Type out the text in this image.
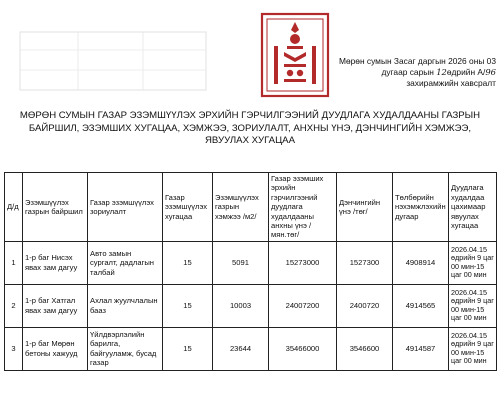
Мөрөн сумын Засаг даргын 2026 оны 03
дугаар сарын 12өдрийн А/96
захирамжийн хавсралт
МӨРӨН СУМЫН ГАЗАР ЭЗЭМШҮҮЛЭХ ЭРХИЙН ГЭРЧИЛГЭЭНИЙ ДУУДЛАГА ХУДАЛДААНЫ ГАЗРЫН
БАЙРШИЛ, ЭЗЭМШИХ ХУГАЦАА, ХЭМЖЭЭ, ЗОРИУЛАЛТ, АНХНЫ ҮНЭ, ДЭНЧИНГИЙН ХЭМЖЭЭ,
ЯВУУЛАХ ХУГАЦАА
Д/д	Эзэмшүүлэх газрын байршил	Газар эзэмшүүлэх зориулалт	Газар эзэмшүүлэх хугацаа	Эзэмшүүлэх газрын хэмжээ /м2/	Газар эзэмших эрхийн гэрчилгээний дуудлага худалдааны анхны үнэ / мян.төг/	Дэнчингийн үнэ /төг/	Төлбөрийн нэхэмжлэхийн дугаар	Дуудлага худалдаа цахимаар явуулах хугацаа
1	1-р баг Нисэх явах зам дагуу	Авто замын сургалт, дадлагын талбай	15	5091	15273000	1527300	4908914	2026.04.15 өдрийн 9 цаг 00 мин-15 цаг 00 мин
2	1-р баг Хатгал явах зам дагуу	Ахлал жуулчлалын бааз	15	10003	24007200	2400720	4914565	2026.04.15 өдрийн 9 цаг 00 мин-15 цаг 00 мин
3	1-р баг Мөрөн бетоны хажууд	Үйлдвэрлэлийн барилга, байгууламж, бусад газар	15	23644	35466000	3546600	4914587	2026.04.15 өдрийн 9 цаг 00 мин-15 цаг 00 мин
